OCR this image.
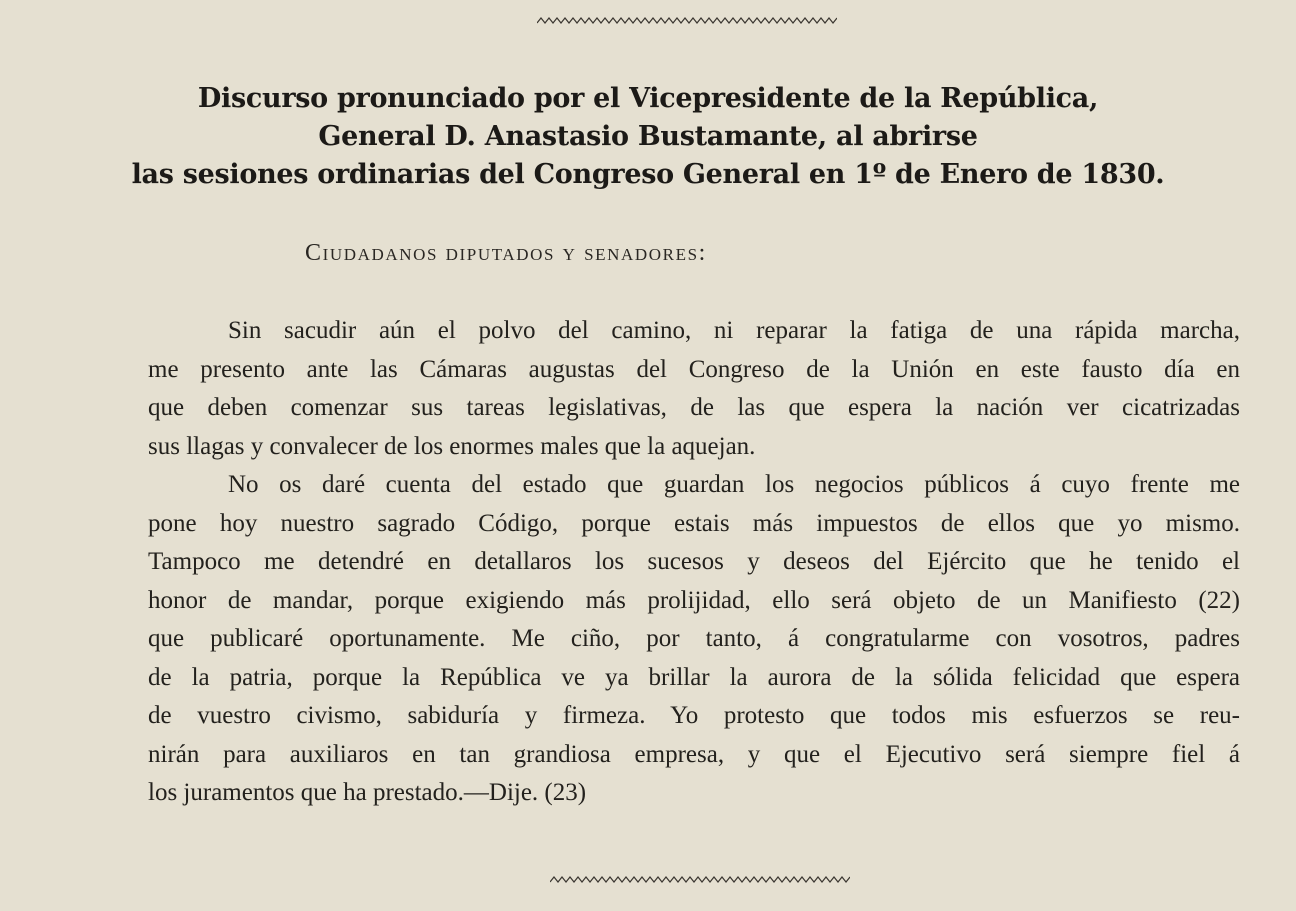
Discurso pronunciado por el Vicepresidente de la República,
General D. Anastasio Bustamante, al abrirse
las sesiones ordinarias del Congreso General en 1º de Enero de 1830.
Ciudadanos diputados y senadores:
Sin sacudir aún el polvo del camino, ni reparar la fatiga de una rápida marcha,
me presento ante las Cámaras augustas del Congreso de la Unión en este fausto día en
que deben comenzar sus tareas legislativas, de las que espera la nación ver cicatrizadas
sus llagas y convalecer de los enormes males que la aquejan.
No os daré cuenta del estado que guardan los negocios públicos á cuyo frente me
pone hoy nuestro sagrado Código, porque estais más impuestos de ellos que yo mismo.
Tampoco me detendré en detallaros los sucesos y deseos del Ejército que he tenido el
honor de mandar, porque exigiendo más prolijidad, ello será objeto de un Manifiesto (22)
que publicaré oportunamente. Me ciño, por tanto, á congratularme con vosotros, padres
de la patria, porque la República ve ya brillar la aurora de la sólida felicidad que espera
de vuestro civismo, sabiduría y firmeza. Yo protesto que todos mis esfuerzos se reu-
nirán para auxiliaros en tan grandiosa empresa, y que el Ejecutivo será siempre fiel á
los juramentos que ha prestado.—Dije. (23)
